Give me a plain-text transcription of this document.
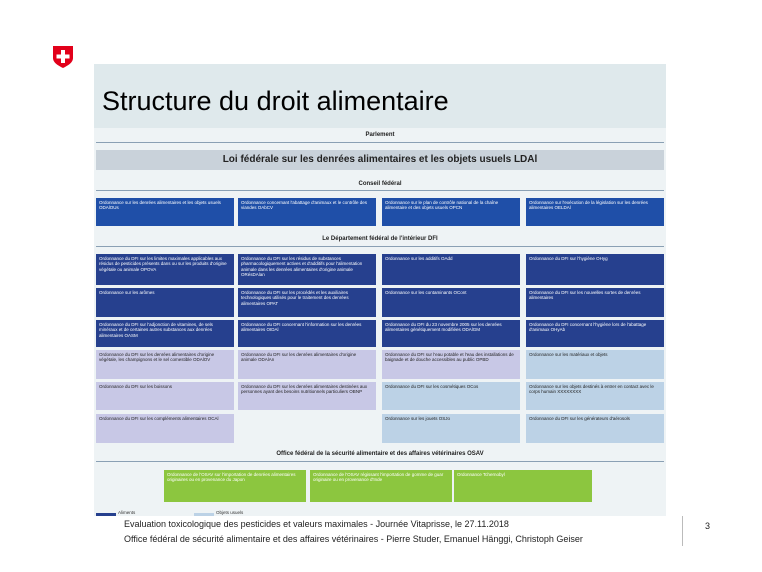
Structure du droit alimentaire
Parlement
Loi fédérale sur les denrées alimentaires et les objets usuels LDAl
Conseil fédéral
Ordonnance sur les denrées alimentaires et les objets usuels ODAlOUs
Ordonnance concernant l'abattage d'animaux et le contrôle des viandes OAbCV
Ordonnance sur le plan de contrôle national de la chaîne alimentaire et des objets usuels OPCN
Ordonnance sur l'exécution de la législation sur les denrées alimentaires OELDAl
Le Département fédéral de l'intérieur DFI
Ordonnance du DFI sur les limites maximales applicables aux résidus de pesticides présents dans ou sur les produits d'origine végétale ou animale OPOVA
Ordonnance du DFI sur les résidus de substances pharmacologiquement actives et d'additifs pour l'alimentation animale dans les denrées alimentaires d'origine animale ORésDAlan
Ordonnance sur les additifs OAdd	Ordonnance du DFI sur l'hygiène OHyg
Ordonnance sur les arômes	Ordonnance du DFI sur les procédés et les auxiliaires technologiques utilisés pour le traitement des denrées alimentaires OPAT
Ordonnance sur les contaminants OCont	Ordonnance du DFI sur les nouvelles sortes de denrées alimentaires
Ordonnance du DFI sur l'adjonction de vitamines, de sels minéraux et de certaines autres substances aux denrées alimentaires OASM
Ordonnance du DFI concernant l'information sur les denrées alimentaires OIDAl
Ordonnance du DFI du 23 novembre 2005 sur les denrées alimentaires génétiquement modifiées ODAlGM
Ordonnance du DFI concernant l'hygiène lors de l'abattage d'animaux OHyAb
Ordonnance du DFI sur les denrées alimentaires d'origine végétale, les champignons et le sel comestible ODAlOV
Ordonnance du DFI sur les denrées alimentaires d'origine animale ODAlAn
Ordonnance du DFI sur l'eau potable et l'eau des installations de baignade et de douche accessibles au public OPBD
Ordonnance sur les matériaux et objets
Ordonnance du DFI sur les boissons	Ordonnance du DFI sur les denrées alimentaires destinées aux personnes ayant des besoins nutritionnels particuliers OBNP
Ordonnance du DFI sur les cosmétiques OCos	Ordonnance sur les objets destinés à entrer en contact avec le corps humain XXXXXXXX
Ordonnance du DFI sur les compléments alimentaires OCAl	Ordonnance sur les jouets OSJo	Ordonnance du DFI sur les générateurs d'aérosols
Office fédéral de la sécurité alimentaire et des affaires vétérinaires OSAV
Ordonnance de l'OSAV sur l'importation de denrées alimentaires originaires ou en provenance du Japon
Ordonnance de l'OSAV régissant l'importation de gomme de guar originaire ou en provenance d'Inde
Ordonnance Tchernobyl
Aliments	Objets usuels
Evaluation toxicologique des pesticides et valeurs maximales - Journée Vitaprisse, le 27.11.2018
Office fédéral de sécurité alimentaire et des affaires vétérinaires - Pierre Studer, Emanuel Hänggi, Christoph Geiser
3
